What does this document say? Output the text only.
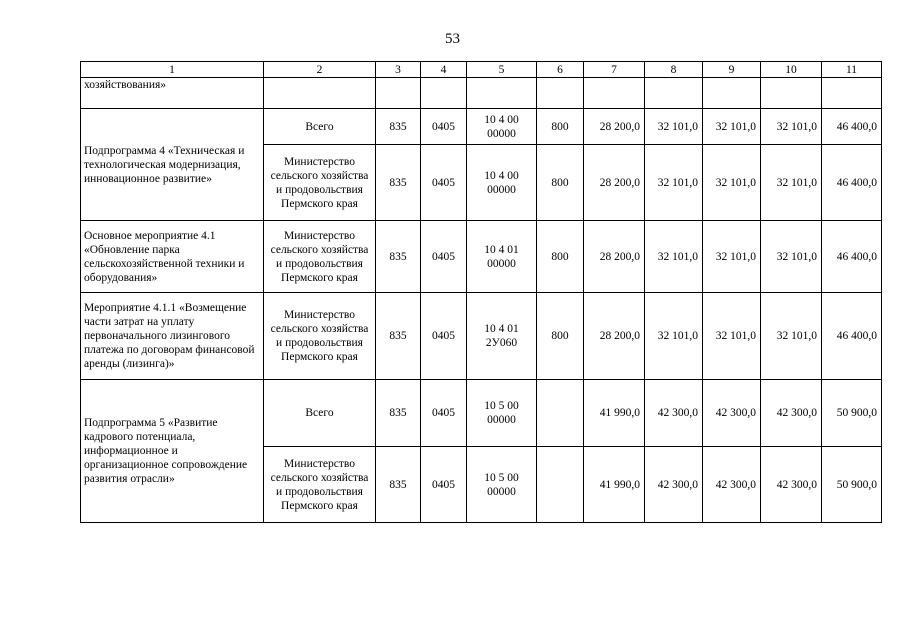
53
1	2	3	4	5	6	7	8	9	10	11
хозяйствования»										
Подпрограмма 4 «Техническая и технологическая модернизация, инновационное развитие»	Всего	835	0405	10 4 00 00000	800	28 200,0	32 101,0	32 101,0	32 101,0	46 400,0
	Министерство сельского хозяйства и продовольствия Пермского края	835	0405	10 4 00 00000	800	28 200,0	32 101,0	32 101,0	32 101,0	46 400,0
Основное мероприятие 4.1 «Обновление парка сельскохозяйственной техники и оборудования»	Министерство сельского хозяйства и продовольствия Пермского края	835	0405	10 4 01 00000	800	28 200,0	32 101,0	32 101,0	32 101,0	46 400,0
Мероприятие 4.1.1 «Возмещение части затрат на уплату первоначального лизингового платежа по договорам финансовой аренды (лизинга)»	Министерство сельского хозяйства и продовольствия Пермского края	835	0405	10 4 01 2У060	800	28 200,0	32 101,0	32 101,0	32 101,0	46 400,0
Подпрограмма 5 «Развитие кадрового потенциала, информационное и организационное сопровождение развития отрасли»	Всего	835	0405	10 5 00 00000		41 990,0	42 300,0	42 300,0	42 300,0	50 900,0
	Министерство сельского хозяйства и продовольствия Пермского края	835	0405	10 5 00 00000		41 990,0	42 300,0	42 300,0	42 300,0	50 900,0
